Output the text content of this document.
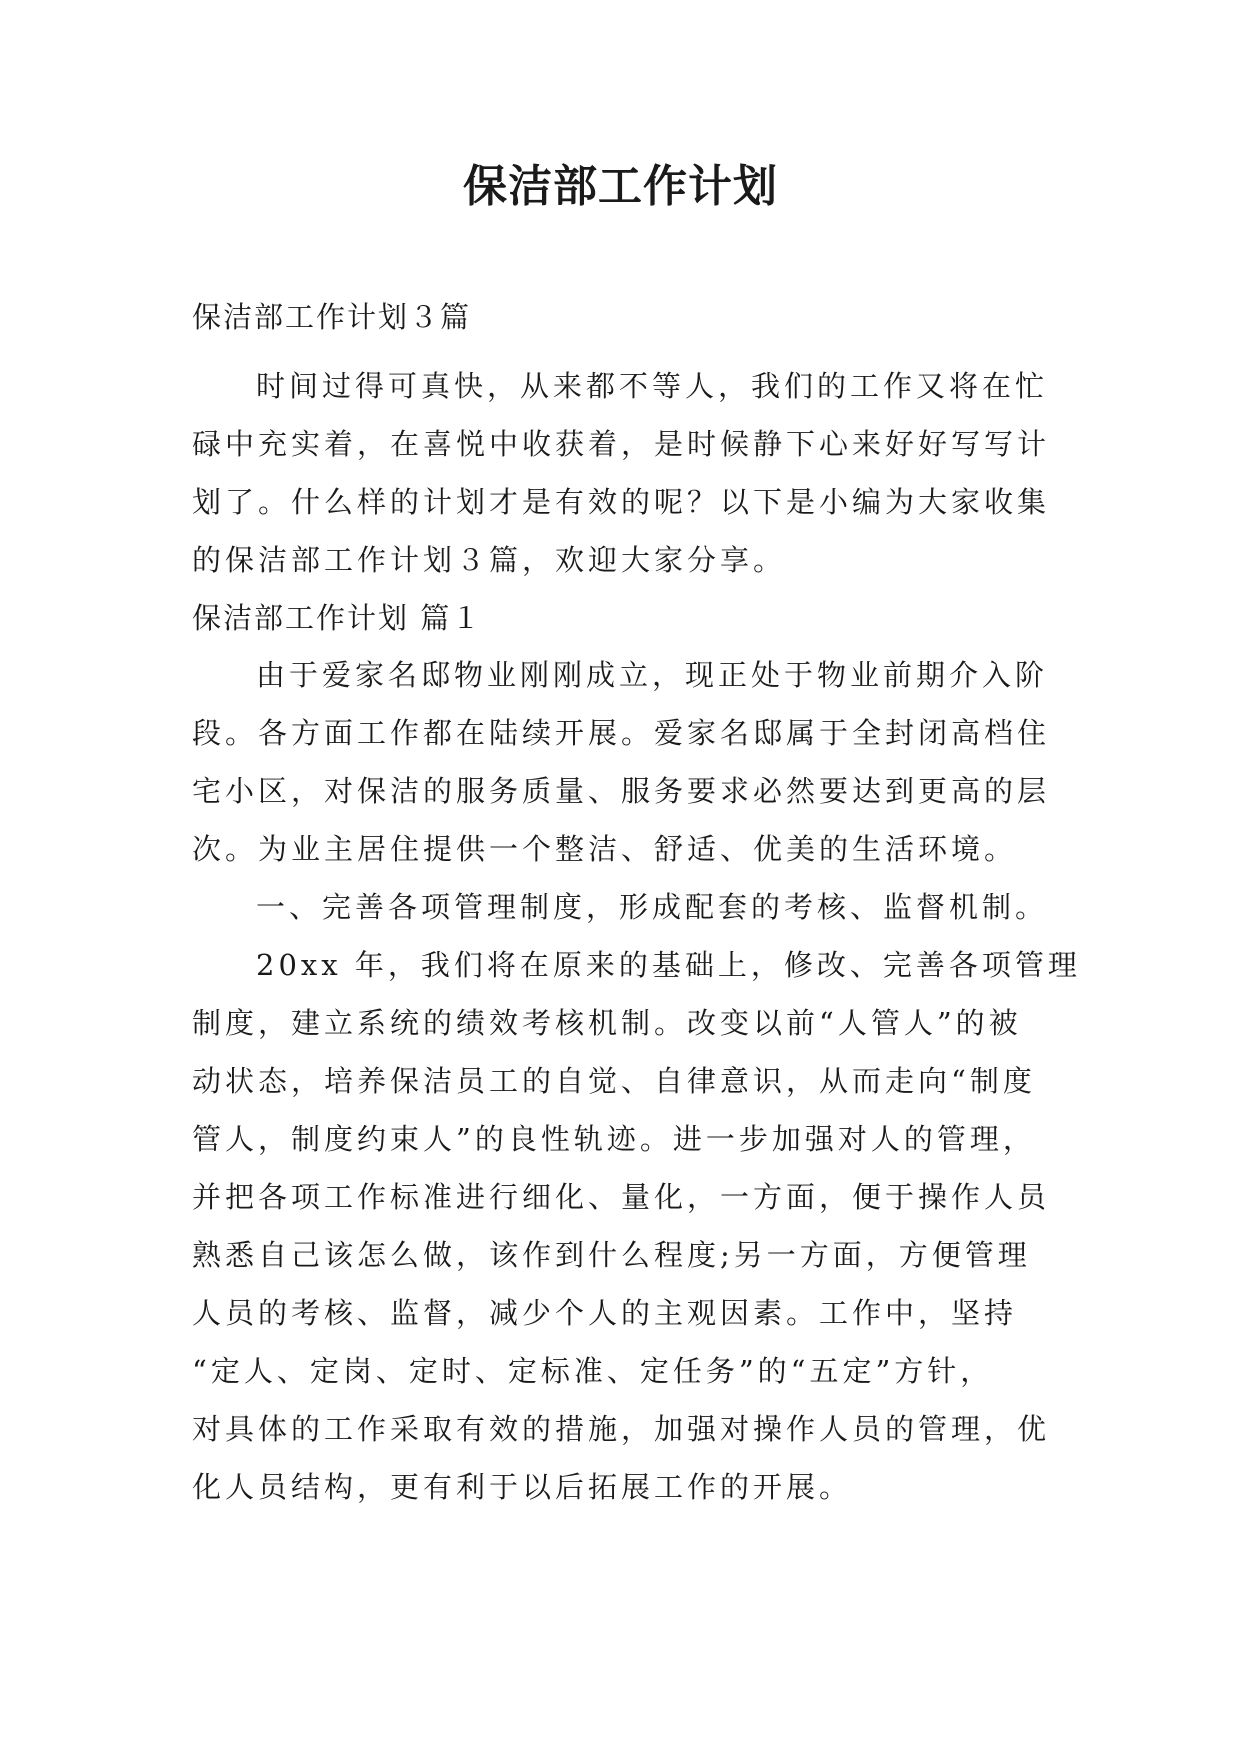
保洁部工作计划

保洁部工作计划３篇

时间过得可真快，从来都不等人，我们的工作又将在忙
碌中充实着，在喜悦中收获着，是时候静下心来好好写写计
划了。什么样的计划才是有效的呢？以下是小编为大家收集
的保洁部工作计划３篇，欢迎大家分享。
保洁部工作计划 篇１
由于爱家名邸物业刚刚成立，现正处于物业前期介入阶
段。各方面工作都在陆续开展。爱家名邸属于全封闭高档住
宅小区，对保洁的服务质量、服务要求必然要达到更高的层
次。为业主居住提供一个整洁、舒适、优美的生活环境。
一、完善各项管理制度，形成配套的考核、监督机制。
20xx 年，我们将在原来的基础上，修改、完善各项管理
制度，建立系统的绩效考核机制。改变以前“人管人”的被
动状态，培养保洁员工的自觉、自律意识，从而走向“制度
管人，制度约束人”的良性轨迹。进一步加强对人的管理，
并把各项工作标准进行细化、量化，一方面，便于操作人员
熟悉自己该怎么做，该作到什么程度;另一方面，方便管理
人员的考核、监督，减少个人的主观因素。工作中，坚持
“定人、定岗、定时、定标准、定任务”的“五定”方针，
对具体的工作采取有效的措施，加强对操作人员的管理，优
化人员结构，更有利于以后拓展工作的开展。
